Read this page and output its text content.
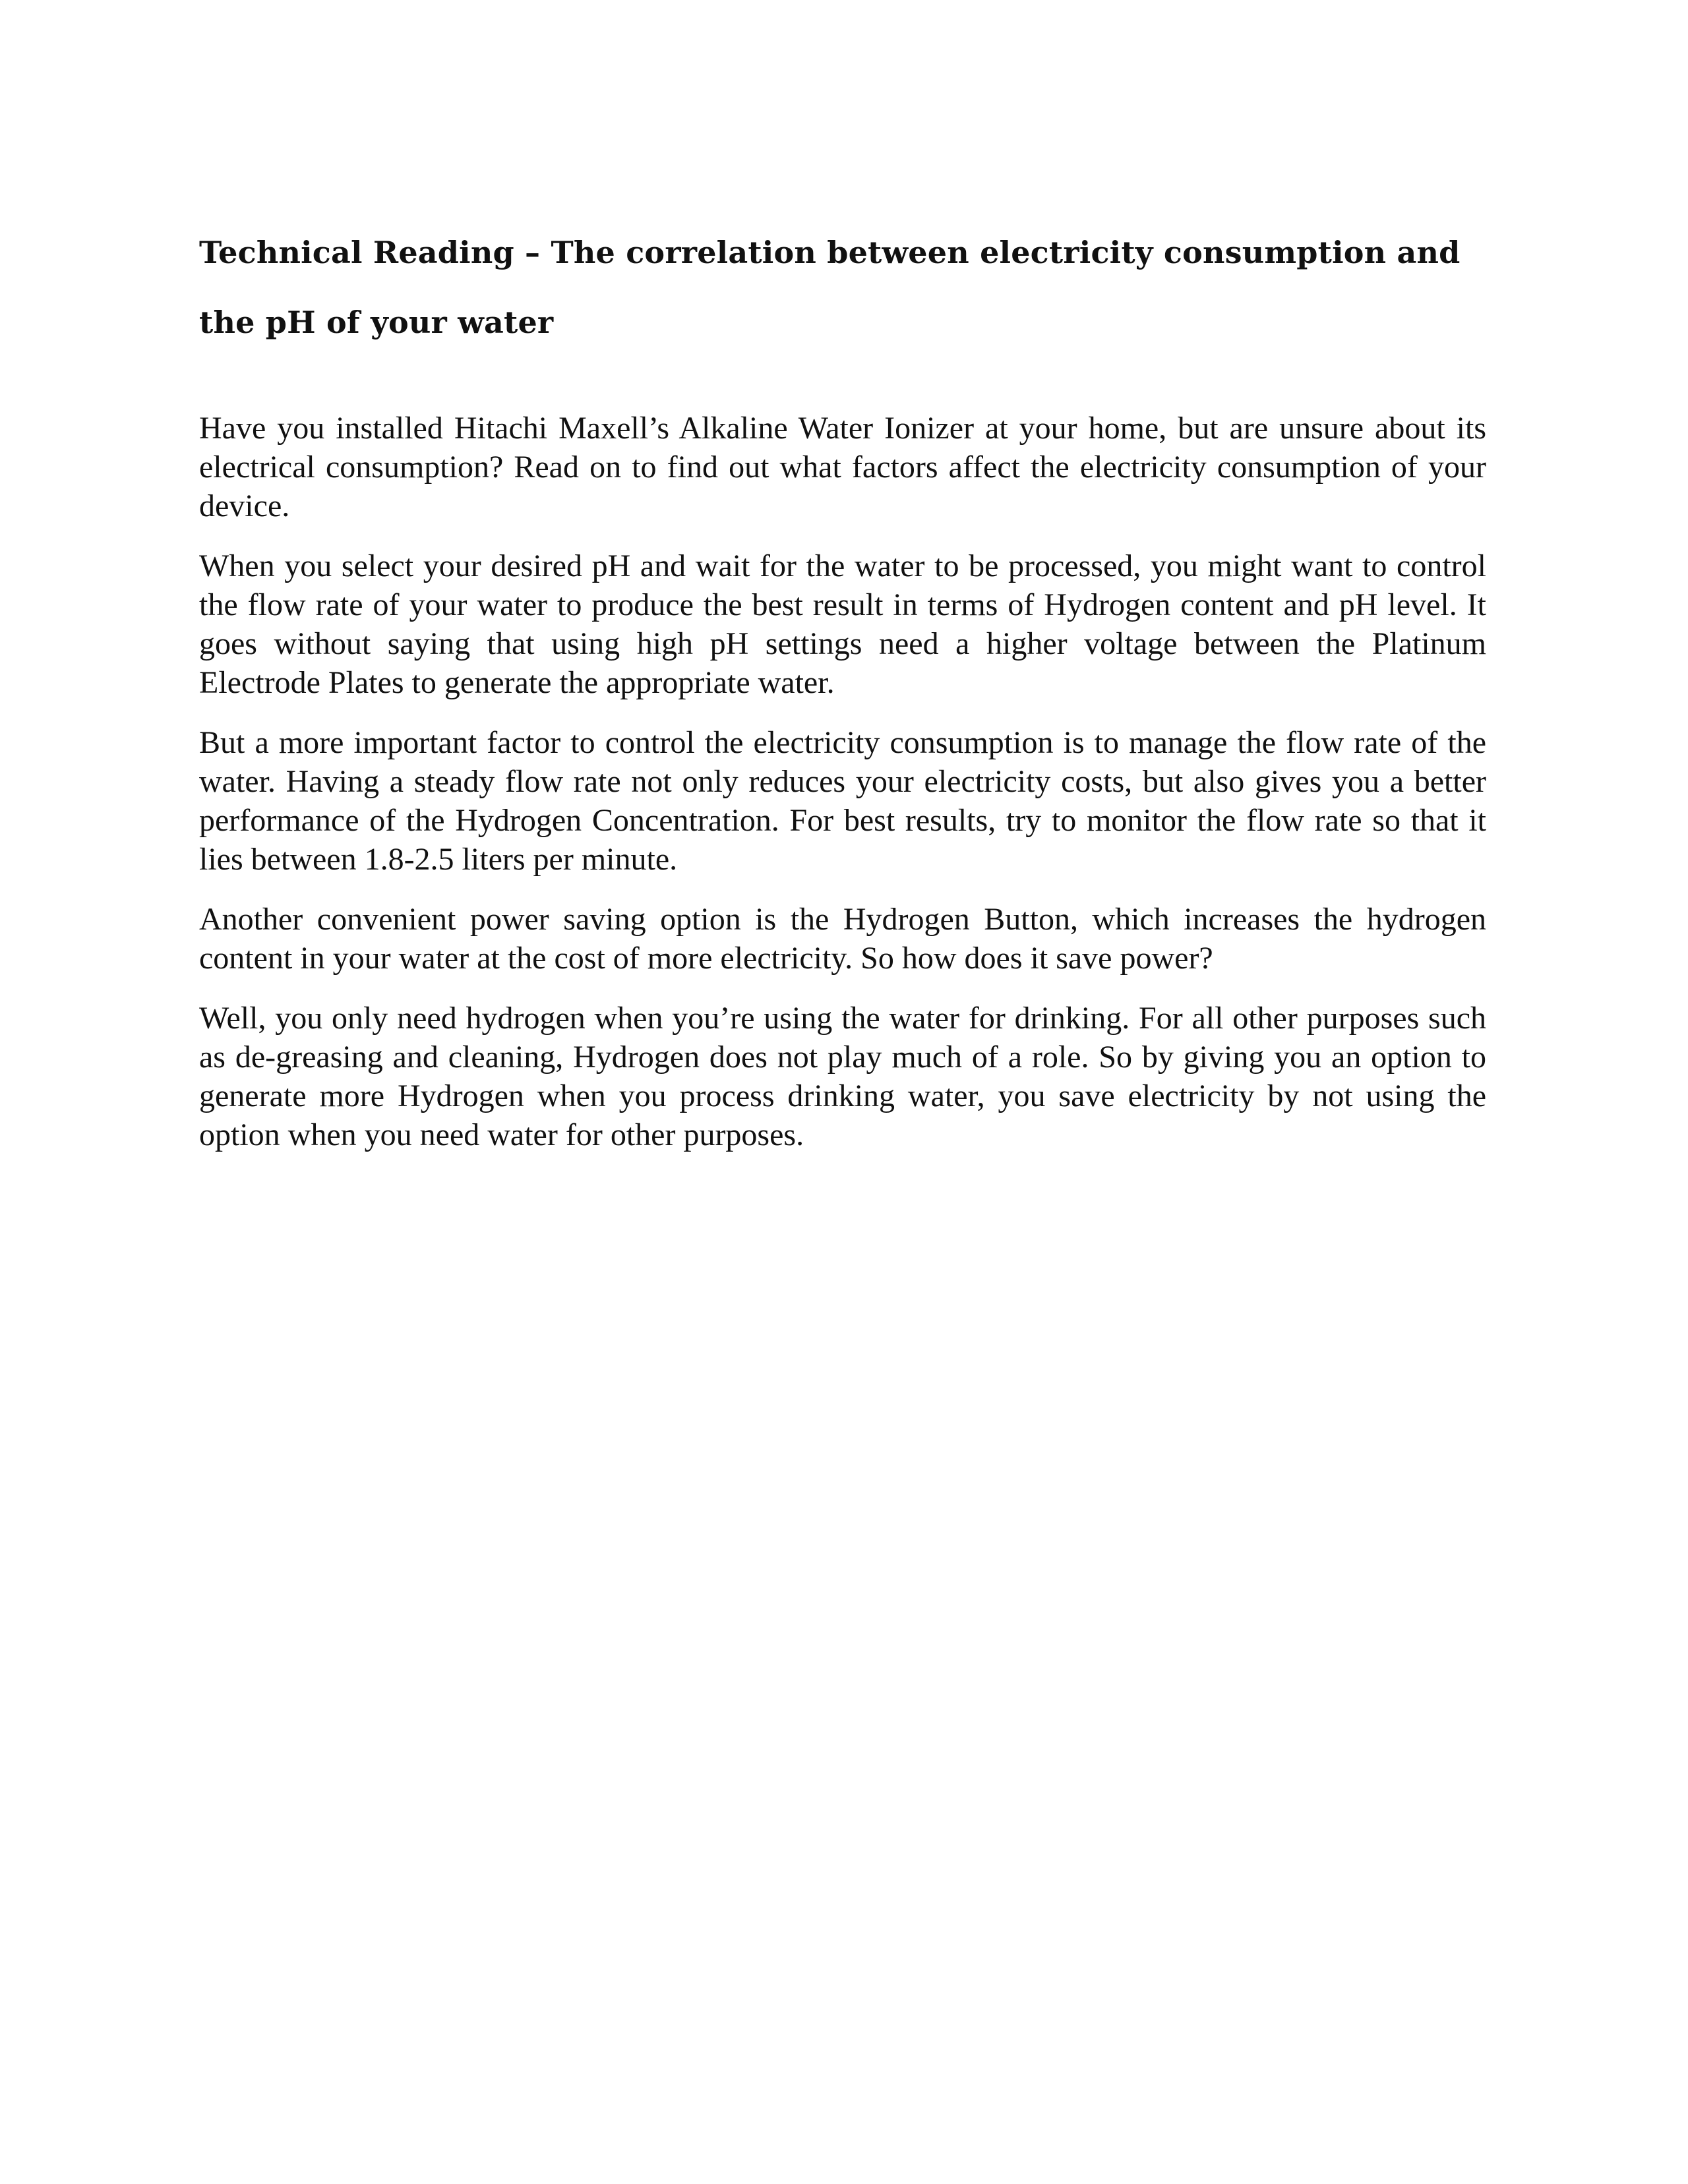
Technical Reading – The correlation between electricity consumption and the pH of your water

Have you installed Hitachi Maxell’s Alkaline Water Ionizer at your home, but are unsure about its electrical consumption? Read on to find out what factors affect the electricity consumption of your device.

When you select your desired pH and wait for the water to be processed, you might want to control the flow rate of your water to produce the best result in terms of Hydrogen content and pH level. It goes without saying that using high pH settings need a higher voltage between the Platinum Electrode Plates to generate the appropriate water.

But a more important factor to control the electricity consumption is to manage the flow rate of the water. Having a steady flow rate not only reduces your electricity costs, but also gives you a better performance of the Hydrogen Concentration. For best results, try to monitor the flow rate so that it lies between 1.8-2.5 liters per minute.

Another convenient power saving option is the Hydrogen Button, which increases the hydrogen content in your water at the cost of more electricity. So how does it save power?

Well, you only need hydrogen when you’re using the water for drinking. For all other purposes such as de-greasing and cleaning, Hydrogen does not play much of a role. So by giving you an option to generate more Hydrogen when you process drinking water, you save electricity by not using the option when you need water for other purposes.
